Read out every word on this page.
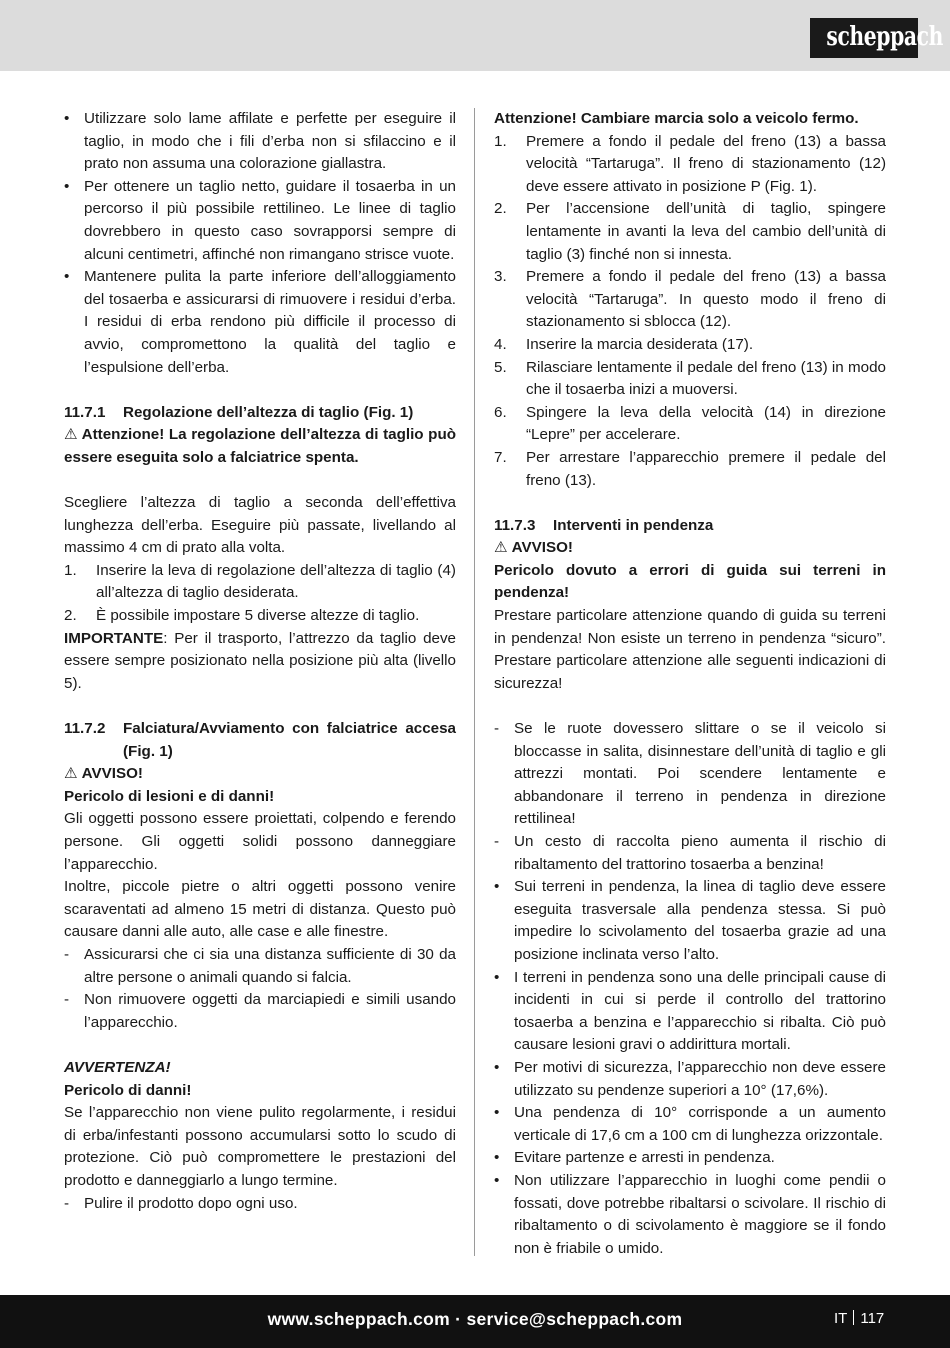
scheppach
• Utilizzare solo lame affilate e perfette per eseguire il taglio, in modo che i fili d’erba non si sfilaccino e il prato non assuma una colorazione giallastra.
• Per ottenere un taglio netto, guidare il tosaerba in un percorso il più possibile rettilineo. Le linee di taglio dovrebbero in questo caso sovrapporsi sempre di alcuni centimetri, affinché non rimangano strisce vuote.
• Mantenere pulita la parte inferiore dell’alloggiamento del tosaerba e assicurarsi di rimuovere i residui d’erba. I residui di erba rendono più difficile il processo di avvio, compromettono la qualità del taglio e l’espulsione dell’erba.
11.7.1	Regolazione dell’altezza di taglio (Fig. 1)
⚠ Attenzione! La regolazione dell’altezza di taglio può essere eseguita solo a falciatrice spenta.
Scegliere l’altezza di taglio a seconda dell’effettiva lunghezza dell’erba. Eseguire più passate, livellando al massimo 4 cm di prato alla volta.
1.	Inserire la leva di regolazione dell’altezza di taglio (4) all’altezza di taglio desiderata.
2.	È possibile impostare 5 diverse altezze di taglio.
IMPORTANTE: Per il trasporto, l’attrezzo da taglio deve essere sempre posizionato nella posizione più alta (livello 5).
11.7.2	Falciatura/Avviamento con falciatrice accesa (Fig. 1)
⚠ AVVISO!
Pericolo di lesioni e di danni!
Gli oggetti possono essere proiettati, colpendo e ferendo persone. Gli oggetti solidi possono danneggiare l’apparecchio.
Inoltre, piccole pietre o altri oggetti possono venire scaraventati ad almeno 15 metri di distanza. Questo può causare danni alle auto, alle case e alle finestre.
- Assicurarsi che ci sia una distanza sufficiente di 30 da altre persone o animali quando si falcia.
- Non rimuovere oggetti da marciapiedi e simili usando l’apparecchio.
AVVERTENZA!
Pericolo di danni!
Se l’apparecchio non viene pulito regolarmente, i residui di erba/infestanti possono accumularsi sotto lo scudo di protezione. Ciò può compromettere le prestazioni del prodotto e danneggiarlo a lungo termine.
- Pulire il prodotto dopo ogni uso.
Attenzione! Cambiare marcia solo a veicolo fermo.
1.	Premere a fondo il pedale del freno (13) a bassa velocità “Tartaruga”. Il freno di stazionamento (12) deve essere attivato in posizione P (Fig. 1).
2.	Per l’accensione dell’unità di taglio, spingere lentamente in avanti la leva del cambio dell’unità di taglio (3) finché non si innesta.
3.	Premere a fondo il pedale del freno (13) a bassa velocità “Tartaruga”. In questo modo il freno di stazionamento si sblocca (12).
4.	Inserire la marcia desiderata (17).
5.	Rilasciare lentamente il pedale del freno (13) in modo che il tosaerba inizi a muoversi.
6.	Spingere la leva della velocità (14) in direzione “Lepre” per accelerare.
7.	Per arrestare l’apparecchio premere il pedale del freno (13).
11.7.3	Interventi in pendenza
⚠ AVVISO!
Pericolo dovuto a errori di guida sui terreni in pendenza!
Prestare particolare attenzione quando di guida su terreni in pendenza! Non esiste un terreno in pendenza “sicuro”. Prestare particolare attenzione alle seguenti indicazioni di sicurezza!
- Se le ruote dovessero slittare o se il veicolo si bloccasse in salita, disinnestare dell’unità di taglio e gli attrezzi montati. Poi scendere lentamente e abbandonare il terreno in pendenza in direzione rettilinea!
- Un cesto di raccolta pieno aumenta il rischio di ribaltamento del trattorino tosaerba a benzina!
• Sui terreni in pendenza, la linea di taglio deve essere eseguita trasversale alla pendenza stessa. Si può impedire lo scivolamento del tosaerba grazie ad una posizione inclinata verso l’alto.
• I terreni in pendenza sono una delle principali cause di incidenti in cui si perde il controllo del trattorino tosaerba a benzina e l’apparecchio si ribalta. Ciò può causare lesioni gravi o addirittura mortali.
• Per motivi di sicurezza, l’apparecchio non deve essere utilizzato su pendenze superiori a 10° (17,6%).
• Una pendenza di 10° corrisponde a un aumento verticale di 17,6 cm a 100 cm di lunghezza orizzontale.
• Evitare partenze e arresti in pendenza.
• Non utilizzare l’apparecchio in luoghi come pendii o fossati, dove potrebbe ribaltarsi o scivolare. Il rischio di ribaltamento o di scivolamento è maggiore se il fondo non è friabile o umido.
www.scheppach.com · service@scheppach.com	IT 117
